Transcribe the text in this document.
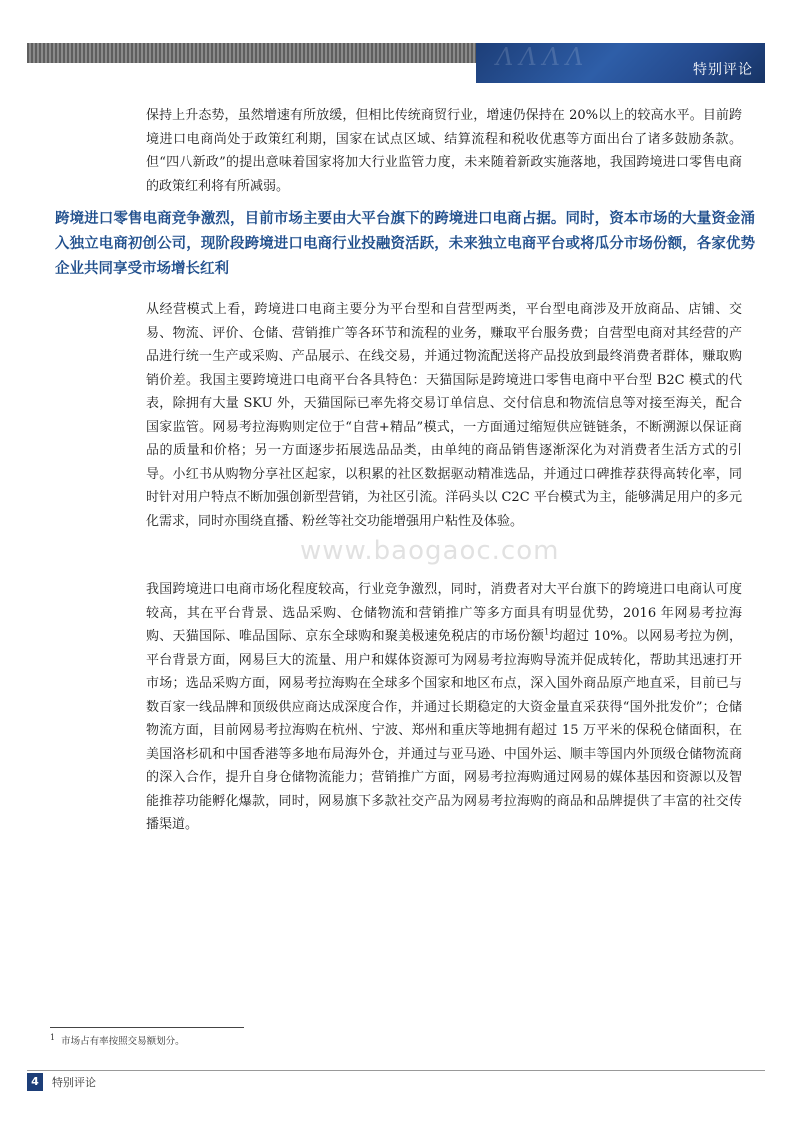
ΛΛΛΛ	特别评论

保持上升态势，虽然增速有所放缓，但相比传统商贸行业，增速仍保持在 20%以上的较高水平。目前跨境进口电商尚处于政策红利期，国家在试点区域、结算流程和税收优惠等方面出台了诸多鼓励条款。但“四八新政”的提出意味着国家将加大行业监管力度，未来随着新政实施落地，我国跨境进口零售电商的政策红利将有所减弱。

跨境进口零售电商竞争激烈，目前市场主要由大平台旗下的跨境进口电商占据。同时，资本市场的大量资金涌入独立电商初创公司，现阶段跨境进口电商行业投融资活跃，未来独立电商平台或将瓜分市场份额，各家优势企业共同享受市场增长红利

从经营模式上看，跨境进口电商主要分为平台型和自营型两类，平台型电商涉及开放商品、店铺、交易、物流、评价、仓储、营销推广等各环节和流程的业务，赚取平台服务费；自营型电商对其经营的产品进行统一生产或采购、产品展示、在线交易，并通过物流配送将产品投放到最终消费者群体，赚取购销价差。我国主要跨境进口电商平台各具特色：天猫国际是跨境进口零售电商中平台型 B2C 模式的代表，除拥有大量 SKU 外，天猫国际已率先将交易订单信息、交付信息和物流信息等对接至海关，配合国家监管。网易考拉海购则定位于“自营+精品”模式，一方面通过缩短供应链链条，不断溯源以保证商品的质量和价格；另一方面逐步拓展选品品类，由单纯的商品销售逐渐深化为对消费者生活方式的引导。小红书从购物分享社区起家，以积累的社区数据驱动精准选品，并通过口碑推荐获得高转化率，同时针对用户特点不断加强创新型营销，为社区引流。洋码头以 C2C 平台模式为主，能够满足用户的多元化需求，同时亦围绕直播、粉丝等社交功能增强用户粘性及体验。

www.baogaoc.com

我国跨境进口电商市场化程度较高，行业竞争激烈，同时，消费者对大平台旗下的跨境进口电商认可度较高，其在平台背景、选品采购、仓储物流和营销推广等多方面具有明显优势，2016 年网易考拉海购、天猫国际、唯品国际、京东全球购和聚美极速免税店的市场份额$^1$均超过 10%。以网易考拉为例，平台背景方面，网易巨大的流量、用户和媒体资源可为网易考拉海购导流并促成转化，帮助其迅速打开市场；选品采购方面，网易考拉海购在全球多个国家和地区布点，深入国外商品原产地直采，目前已与数百家一线品牌和顶级供应商达成深度合作，并通过长期稳定的大资金量直采获得“国外批发价”；仓储物流方面，目前网易考拉海购在杭州、宁波、郑州和重庆等地拥有超过 15 万平米的保税仓储面积，在美国洛杉矶和中国香港等多地布局海外仓，并通过与亚马逊、中国外运、顺丰等国内外顶级仓储物流商的深入合作，提升自身仓储物流能力；营销推广方面，网易考拉海购通过网易的媒体基因和资源以及智能推荐功能孵化爆款，同时，网易旗下多款社交产品为网易考拉海购的商品和品牌提供了丰富的社交传播渠道。

$^1$ 市场占有率按照交易额划分。
4	特别评论
